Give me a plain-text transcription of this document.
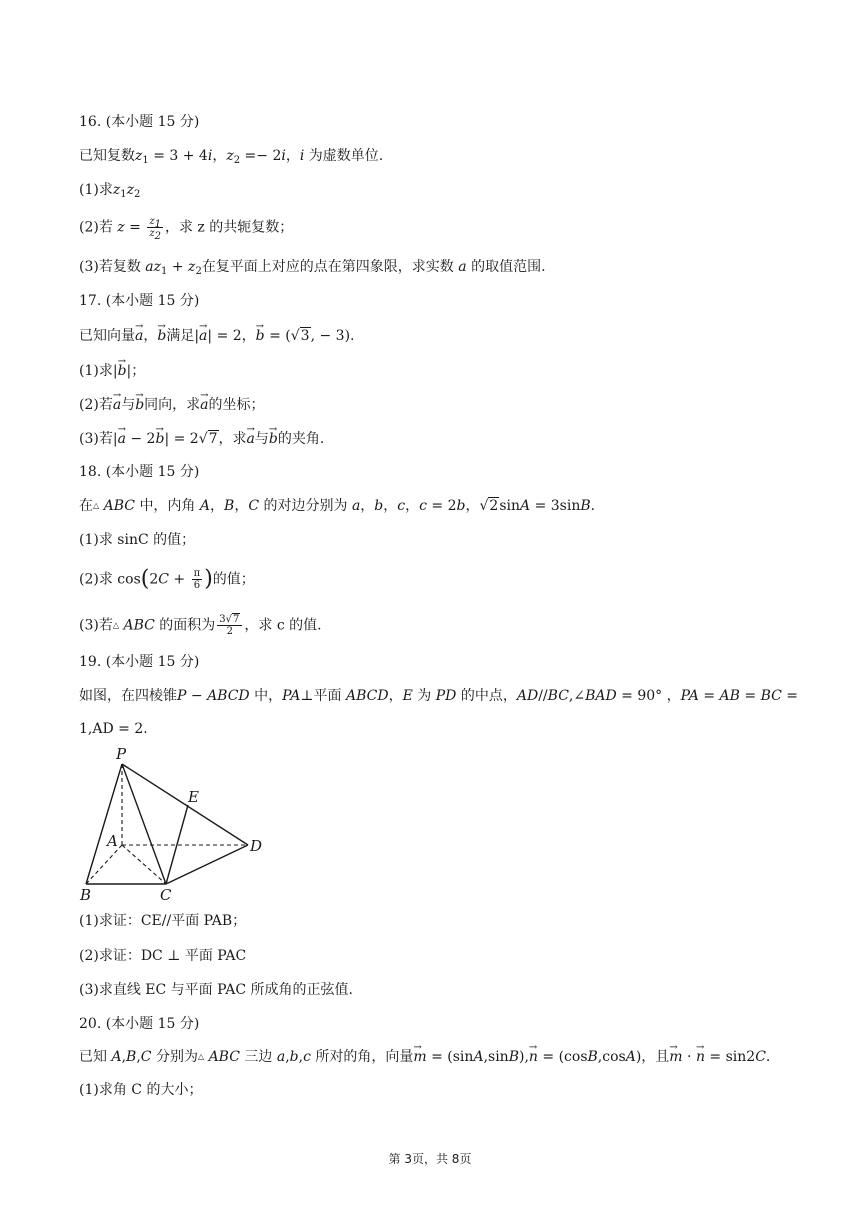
16. (本小题 15 分)
已知复数$z_1 = 3 + 4i$，$z_2 =- 2i$，i 为虚数单位.
(1)求$z_1z_2$
(2)若 $z = \frac{z_1}{z_2}$ ，求 z 的共轭复数；
(3)若复数 $az_1 + z_2$在复平面上对应的点在第四象限，求实数 a 的取值范围.
17. (本小题 15 分)
已知向量→ a，→ b满足|→ a| = 2，→ b = (√3, − 3).
(1)求|→ b|；
(2)若→ a与→ b同向，求→ a的坐标；
(3)若|→ a − 2→ b| = 2√7，求→ a与→ b的夹角.
18. (本小题 15 分)
在△ ABC 中，内角 A，B，C 的对边分别为 a，b，c，c = 2b，√2sinA = 3sinB.
(1)求 sinC 的值；
(2)求 $\cos(2C + \frac{\pi}{6}$ )的值；
(3)若△ ABC 的面积为 $\frac{3√7}{2}$ ，求 c 的值.
19. (本小题 15 分)
如图，在四棱锥P − ABCD 中，PA⊥平面 ABCD，E 为 PD 的中点，AD//BC,∠BAD = 90° ，PA = AB = BC =
1,AD = 2.
P
E
A	D
B	C
(1)求证：CE//平面 PAB；
(2)求证：DC ⊥ 平面 PAC
(3)求直线 EC 与平面 PAC 所成角的正弦值.
20. (本小题 15 分)
已知 A,B,C 分别为△ ABC 三边 a,b,c 所对的角，向量→ m = (sinA,sinB),→ n = (cosB,cosA)，且→ m · → n = sin2C.
(1)求角 C 的大小；
第 3页，共 8页
